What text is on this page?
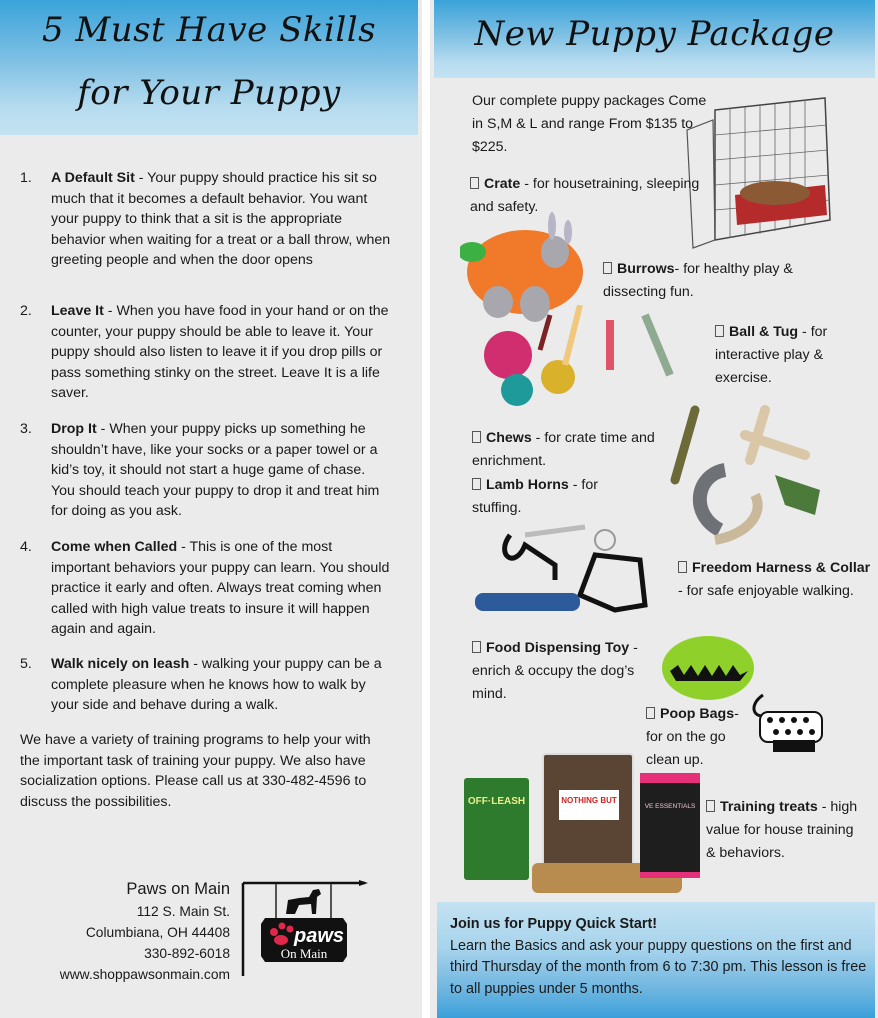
5 Must Have Skills
for Your Puppy
1. A Default Sit - Your puppy should practice his sit so much that it becomes a default behavior. You want your puppy to think that a sit is the appropriate behavior when waiting for a treat or a ball throw, when greeting people and when the door opens
2. Leave It - When you have food in your hand or on the counter, your puppy should be able to leave it. Your puppy should also listen to leave it if you drop pills or pass something stinky on the street. Leave It is a life saver.
3. Drop It - When your puppy picks up something he shouldn’t have, like your socks or a paper towel or a kid’s toy, it should not start a huge game of chase. You should teach your puppy to drop it and treat him for doing as you ask.
4. Come when Called - This is one of the most important behaviors your puppy can learn. You should practice it early and often. Always treat coming when called with high value treats to insure it will happen again and again.
5. Walk nicely on leash - walking your puppy can be a complete pleasure when he knows how to walk by your side and behave during a walk.
We have a variety of training programs to help your with the important task of training your puppy. We also have socialization options. Please call us at 330-482-4596 to discuss the possibilities.
Paws on Main
112 S. Main St.
Columbiana, OH 44408
330-892-6018
www.shoppawsonmain.com
paws
On Main
New Puppy Package
Our complete puppy packages Come in S,M & L and range From $135 to $225.
Crate - for housetraining, sleeping and safety.
Burrows- for healthy play & dissecting fun.
Ball & Tug - for interactive play & exercise.
Chews - for crate time and enrichment.
Lamb Horns - for stuffing.
Freedom Harness & Collar - for safe enjoyable walking.
Food Dispensing Toy - enrich & occupy the dog’s mind.
Poop Bags- for on the go clean up.
OFF·LEASH	NOTHING BUT
VE ESSENTIALS	Training treats - high value for house training & behaviors.
Join us for Puppy Quick Start!
Learn the Basics and ask your puppy questions on the first and third Thursday of the month from 6 to 7:30 pm. This lesson is free to all puppies under 5 months.
